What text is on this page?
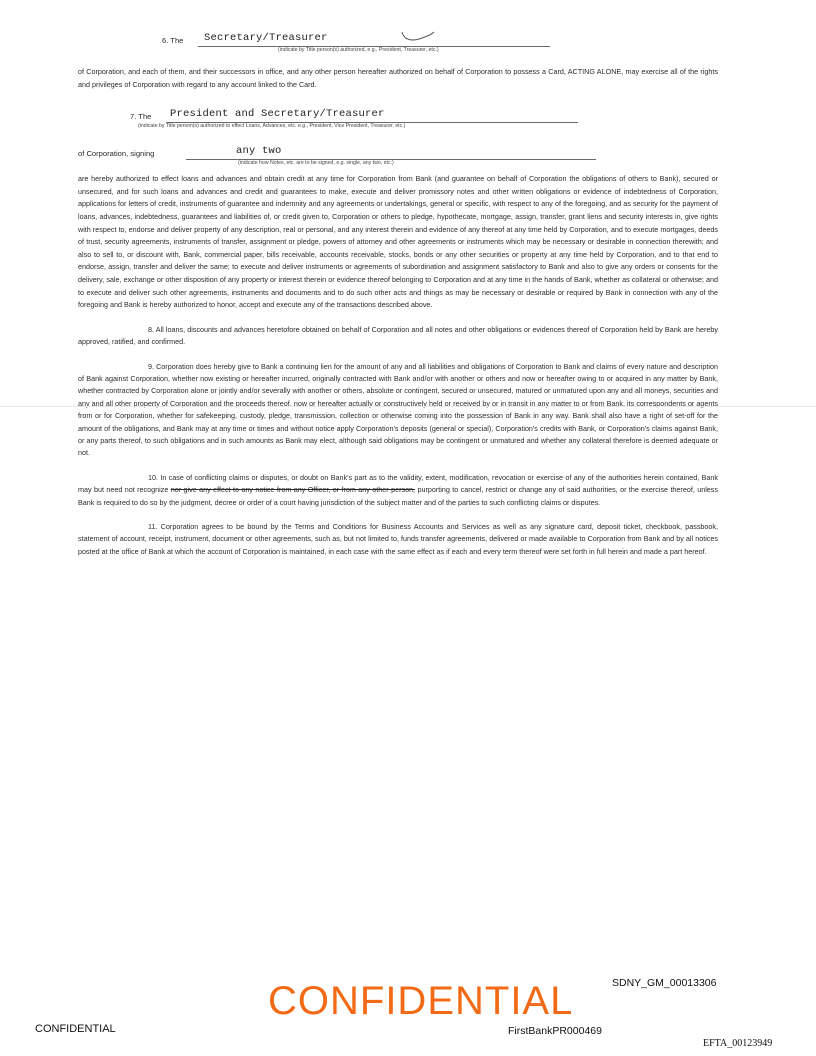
6. The Secretary/Treasurer
(indicate by Title person(s) authorized, e.g., President, Treasurer, etc.)

of Corporation, and each of them, and their successors in office, and any other person hereafter authorized on behalf of Corporation to possess a Card, ACTING ALONE, may exercise all of the rights and privileges of Corporation with regard to any account linked to the Card.

7. The President and Secretary/Treasurer
(indicate by Title person(s) authorized to effect Loans, Advances, etc. e.g., President, Vice President, Treasurer, etc.)
of Corporation, signing	any two
(indicate how Notes, etc. are to be signed, e.g. single, any two, etc.)

are hereby authorized to effect loans and advances and obtain credit at any time for Corporation from Bank (and guarantee on behalf of Corporation the obligations of others to Bank), secured or unsecured, and for such loans and advances and credit and guarantees to make, execute and deliver promissory notes and other written obligations or evidence of indebtedness of Corporation, applications for letters of credit, instruments of guarantee and indemnity and any agreements or undertakings, general or specific, with respect to any of the foregoing, and as security for the payment of loans, advances, indebtedness, guarantees and liabilities of, or credit given to, Corporation or others to pledge, hypothecate, mortgage, assign, transfer, grant liens and security interests in, give rights with respect to, endorse and deliver property of any description, real or personal, and any interest therein and evidence of any thereof at any time held by Corporation, and to execute mortgages, deeds of trust, security agreements, instruments of transfer, assignment or pledge, powers of attorney and other agreements or instruments which may be necessary or desirable in connection therewith; and also to sell to, or discount with, Bank, commercial paper, bills receivable, accounts receivable, stocks, bonds or any other securities or property at any time held by Corporation, and to that end to endorse, assign, transfer and deliver the same; to execute and deliver instruments or agreements of subordination and assignment satisfactory to Bank and also to give any orders or consents for the delivery, sale, exchange or other disposition of any property or interest therein or evidence thereof belonging to Corporation and at any time in the hands of Bank, whether as collateral or otherwise; and to execute and deliver such other agreements, instruments and documents and to do such other acts and things as may be necessary or desirable or required by Bank in connection with any of the foregoing and Bank is hereby authorized to honor, accept and execute any of the transactions described above.

8. All loans, discounts and advances heretofore obtained on behalf of Corporation and all notes and other obligations or evidences thereof of Corporation held by Bank are hereby approved, ratified, and confirmed.

9. Corporation does hereby give to Bank a continuing lien for the amount of any and all liabilities and obligations of Corporation to Bank and claims of every nature and description of Bank against Corporation, whether now existing or hereafter incurred, originally contracted with Bank and/or with another or others and now or hereafter owing to or acquired in any matter by Bank, whether contracted by Corporation alone or jointly and/or severally with another or others, absolute or contingent, secured or unsecured, matured or unmatured upon any and all moneys, securities and any and all other property of Corporation and the proceeds thereof, now or hereafter actually or constructively held or received by or in transit in any matter to or from Bank, its correspondents or agents from or for Corporation, whether for safekeeping, custody, pledge, transmission, collection or otherwise coming into the possession of Bank in any way. Bank shall also have a right of set-off for the amount of the obligations, and Bank may at any time or times and without notice apply Corporation's deposits (general or special), Corporation's credits with Bank, or Corporation's claims against Bank, or any parts thereof, to such obligations and in such amounts as Bank may elect, although said obligations may be contingent or unmatured and whether any collateral therefore is deemed adequate or not.

10. In case of conflicting claims or disputes, or doubt on Bank's part as to the validity, extent, modification, revocation or exercise of any of the authorities herein contained, Bank may but need not recognize nor give any effect to any notice from any Officer, or from any other person, purporting to cancel, restrict or change any of said authorities, or the exercise thereof, unless Bank is required to do so by the judgment, decree or order of a court having jurisdiction of the subject matter and of the parties to such conflicting claims or disputes.

11. Corporation agrees to be bound by the Terms and Conditions for Business Accounts and Services as well as any signature card, deposit ticket, checkbook, passbook, statement of account, receipt, instrument, document or other agreements, such as, but not limited to, funds transfer agreements, delivered or made available to Corporation from Bank and by all notices posted at the office of Bank at which the account of Corporation is maintained, in each case with the same effect as if each and every term thereof were set forth in full herein and made a part hereof.

SDNY_GM_00013306
CONFIDENTIAL
CONFIDENTIAL	FirstBankPR000469
EFTA_00123949
